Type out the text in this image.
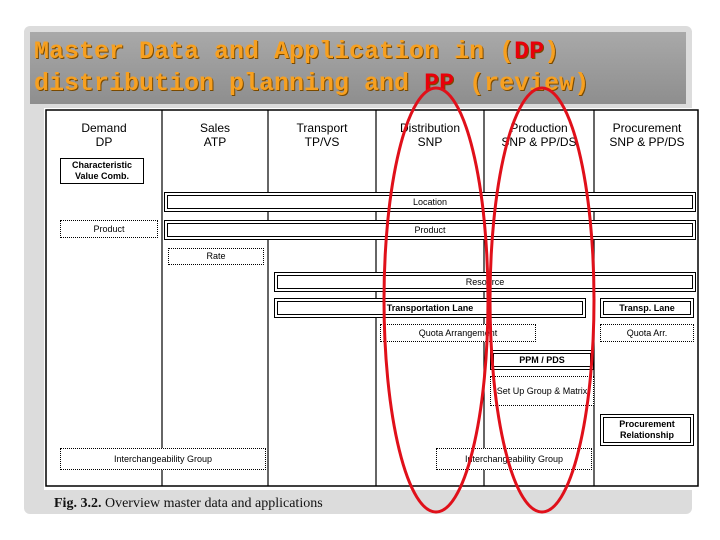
Master Data and Application in (DP)
distribution planning and PP (review)
Demand
DP
Sales
ATP
Transport
TP/VS
Distribution
SNP
Production
SNP & PP/DS
Procurement
SNP & PP/DS
Characteristic Value Comb.
Location
Product	Product
Rate
Resource
Transportation Lane	Transp. Lane
Quota Arrangement	Quota Arr.
PPM / PDS
Set Up Group & Matrix
Procurement Relationship
Interchangeability Group	Interchangeability Group
Fig. 3.2. Overview master data and applications
